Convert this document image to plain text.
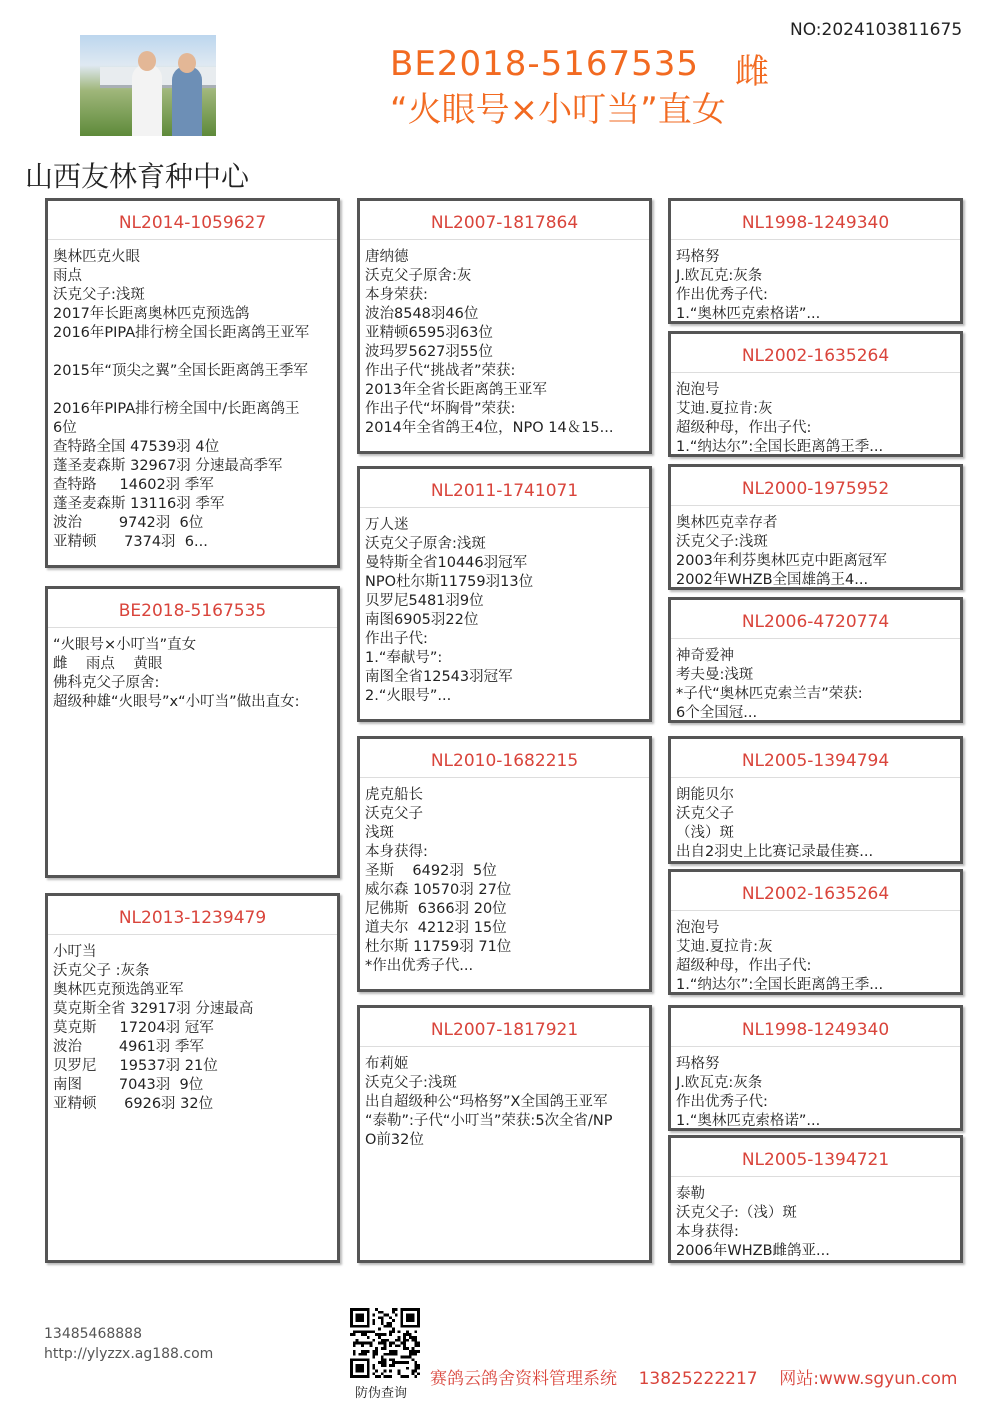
NO:2024103811675
BE2018-5167535 雌
“火眼号×小叮当”直女
山西友林育种中心
NL2014-1059627
奥林匹克火眼
雨点
沃克父子:浅斑
2017年长距离奥林匹克预选鸽
2016年PIPA排行榜全国长距离鸽王亚军
2015年“顶尖之翼”全国长距离鸽王季军
2016年PIPA排行榜全国中/长距离鸽王
6位
查特路全国 47539羽 4位
蓬圣麦森斯 32967羽 分速最高季军
查特路     14602羽 季军
蓬圣麦森斯 13116羽 季军
波治        9742羽  6位
亚精顿      7374羽  6...
BE2018-5167535
“火眼号×小叮当”直女
雌    雨点    黄眼
佛科克父子原舍:
超级种雄“火眼号”x“小叮当”做出直女:
NL2013-1239479
小叮当
沃克父子 :灰条
奥林匹克预选鸽亚军
莫克斯全省 32917羽 分速最高
莫克斯     17204羽 冠军
波治        4961羽 季军
贝罗尼     19537羽 21位
南图        7043羽  9位
亚精顿      6926羽 32位
NL2007-1817864
唐纳德
沃克父子原舍:灰
本身荣获:
波治8548羽46位
亚精顿6595羽63位
波玛罗5627羽55位
作出子代“挑战者”荣获:
2013年全省长距离鸽王亚军
作出子代“坏胸骨”荣获:
2014年全省鸽王4位，NPO 14＆15...
NL2011-1741071
万人迷
沃克父子原舍:浅斑
曼特斯全省10446羽冠军
NPO杜尔斯11759羽13位
贝罗尼5481羽9位
南图6905羽22位
作出子代:
1.“奉献号”:
南图全省12543羽冠军
2.“火眼号”...
NL2010-1682215
虎克船长
沃克父子
浅斑
本身获得:
圣斯    6492羽  5位
威尔森 10570羽 27位
尼佛斯  6366羽 20位
道夫尔  4212羽 15位
杜尔斯 11759羽 71位
*作出优秀子代...
NL2007-1817921
布莉姬
沃克父子:浅斑
出自超级种公“玛格努”X全国鸽王亚军
“泰勒”:子代“小叮当”荣获:5次全省/NP
O前32位
NL1998-1249340
玛格努
J.欧瓦克:灰条
作出优秀子代:
1.“奥林匹克索格诺”...
NL2002-1635264
泡泡号
艾迪.夏拉肯:灰
超级种母，作出子代:
1.“纳达尔”:全国长距离鸽王季...
NL2000-1975952
奥林匹克幸存者
沃克父子:浅斑
2003年利芬奥林匹克中距离冠军
2002年WHZB全国雄鸽王4...
NL2006-4720774
神奇爱神
考夫曼:浅斑
*子代“奥林匹克索兰吉”荣获:
6个全国冠...
NL2005-1394794
朗能贝尔
沃克父子
（浅）斑
出自2羽史上比赛记录最佳赛...
NL2002-1635264
泡泡号
艾迪.夏拉肯:灰
超级种母，作出子代:
1.“纳达尔”:全国长距离鸽王季...
NL1998-1249340
玛格努
J.欧瓦克:灰条
作出优秀子代:
1.“奥林匹克索格诺”...
NL2005-1394721
泰勒
沃克父子:（浅）斑
本身获得:
2006年WHZB雌鸽亚...
13485468888
http://ylyzzx.ag188.com
防伪查询
赛鸽云鸽舍资料管理系统    13825222217    网站:www.sgyun.com
